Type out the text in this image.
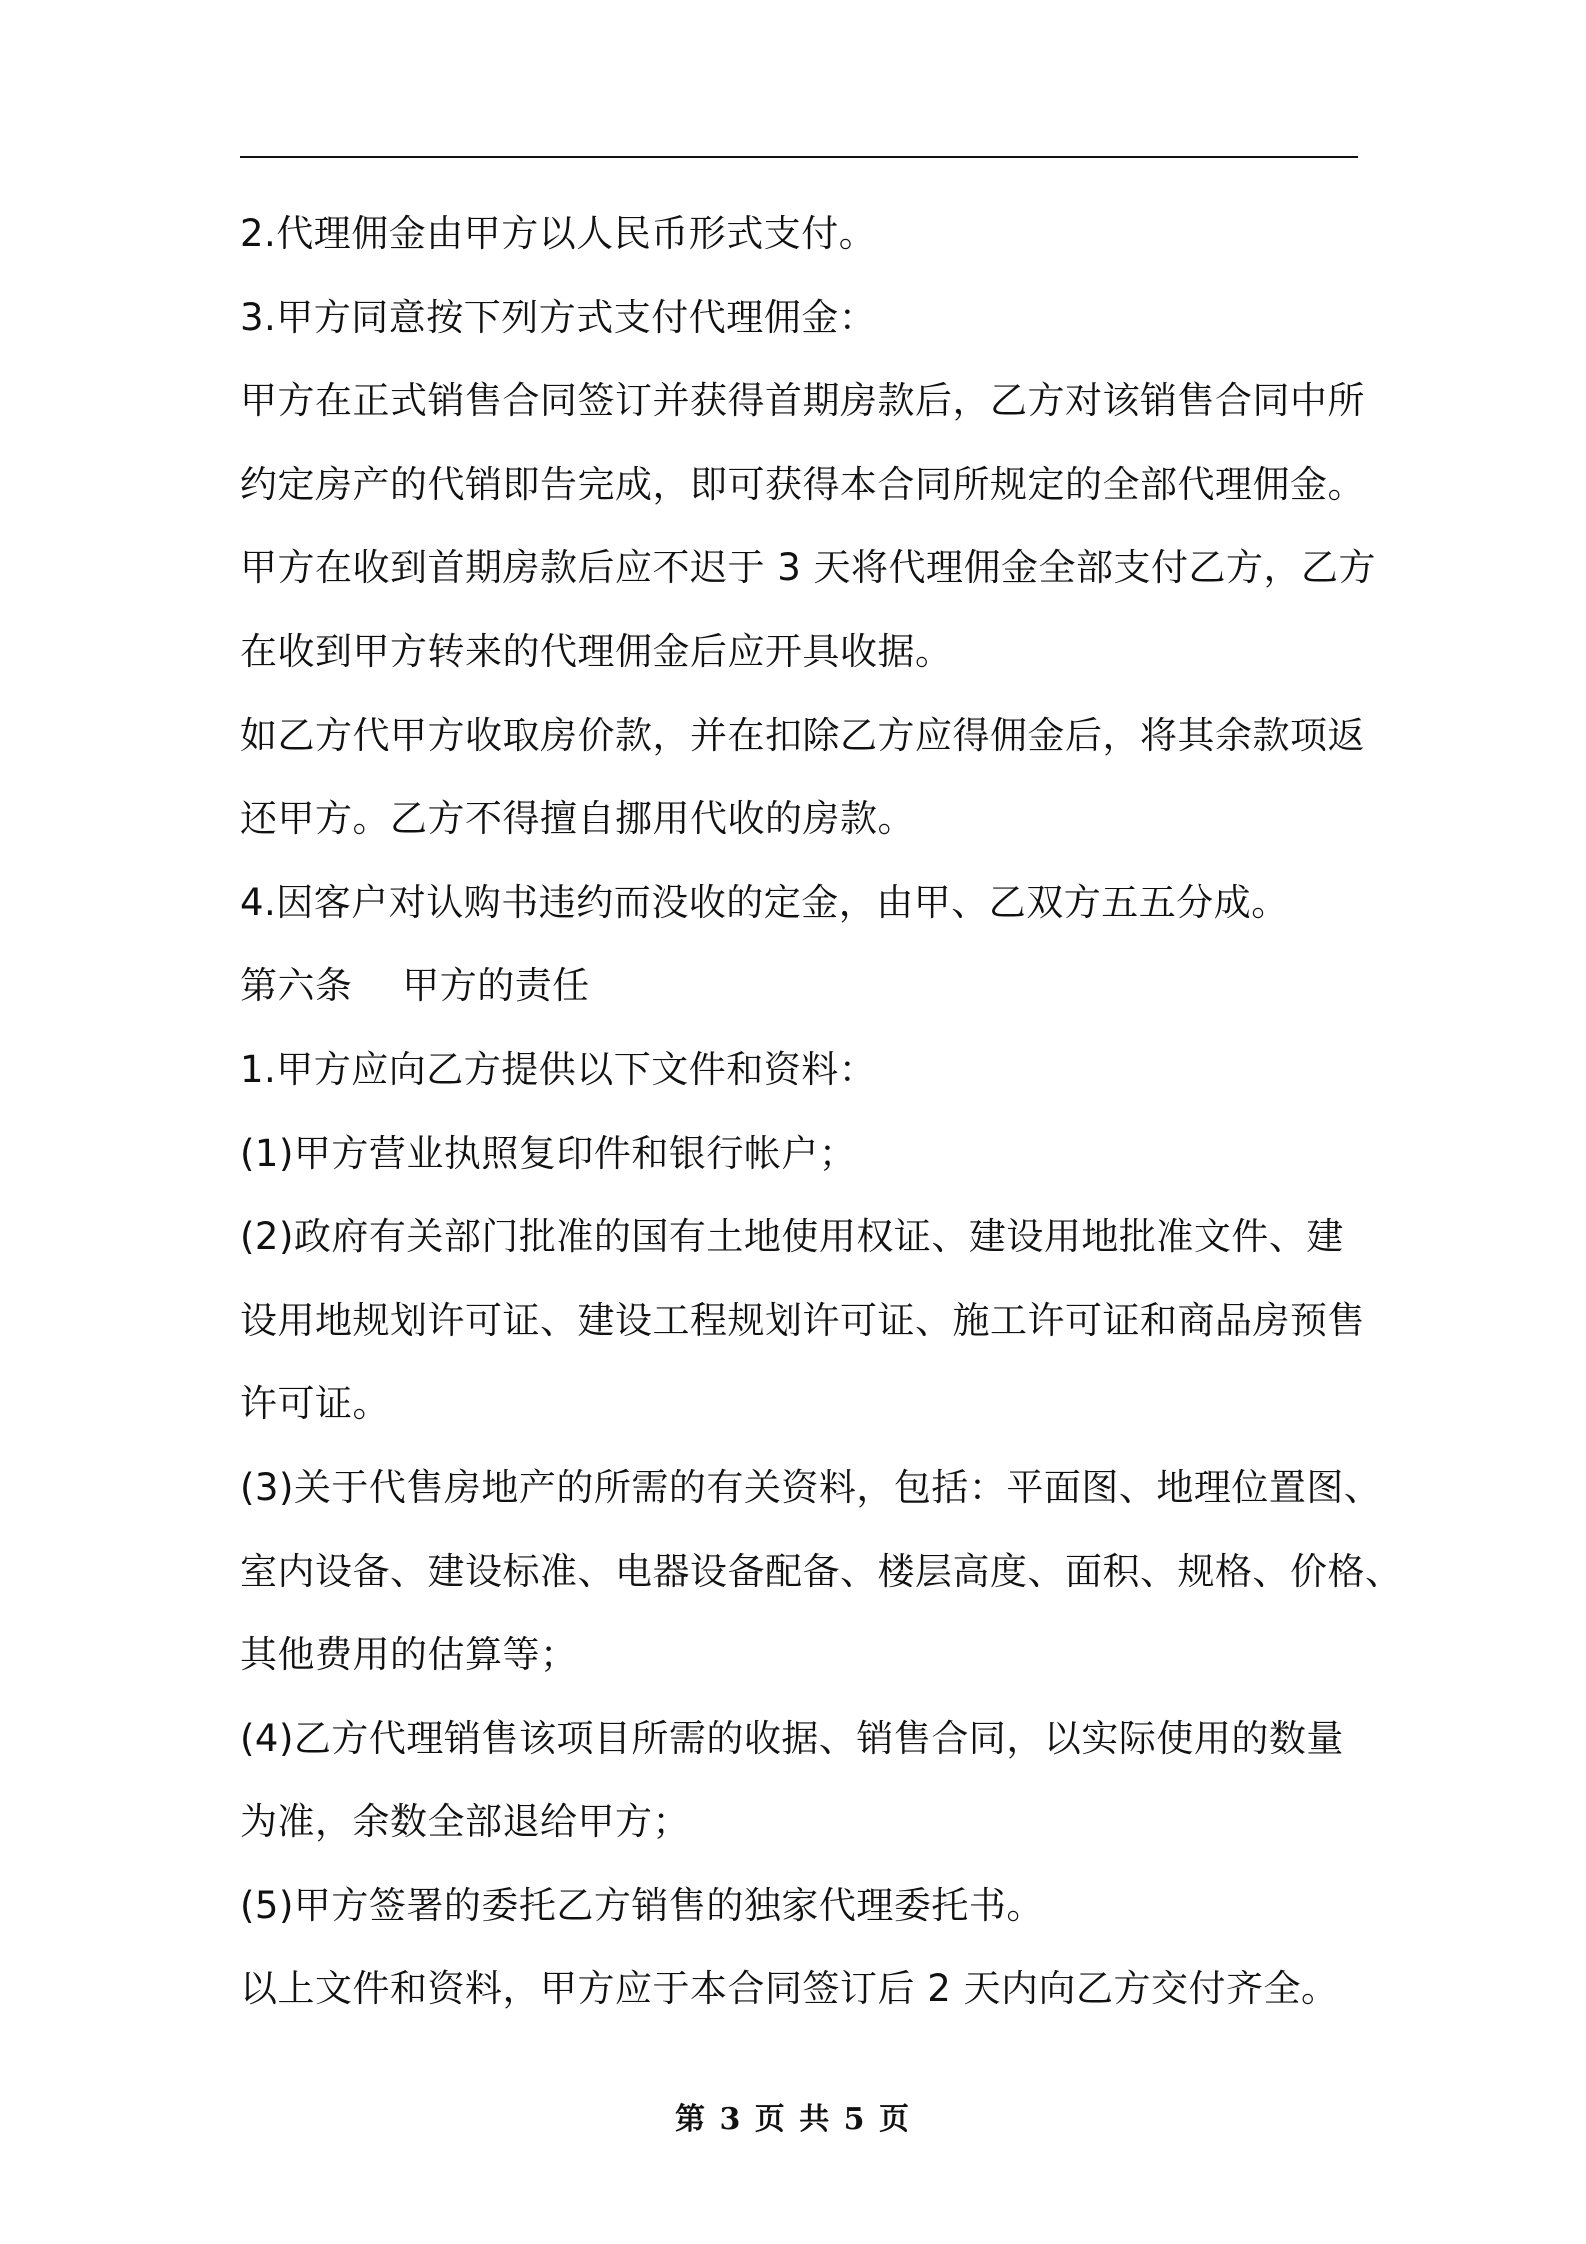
2.代理佣金由甲方以人民币形式支付。
3.甲方同意按下列方式支付代理佣金：
甲方在正式销售合同签订并获得首期房款后，乙方对该销售合同中所
约定房产的代销即告完成，即可获得本合同所规定的全部代理佣金。
甲方在收到首期房款后应不迟于 3 天将代理佣金全部支付乙方，乙方
在收到甲方转来的代理佣金后应开具收据。
如乙方代甲方收取房价款，并在扣除乙方应得佣金后，将其余款项返
还甲方。乙方不得擅自挪用代收的房款。
4.因客户对认购书违约而没收的定金，由甲、乙双方五五分成。
第六条　 甲方的责任
1.甲方应向乙方提供以下文件和资料：
(1)甲方营业执照复印件和银行帐户；
(2)政府有关部门批准的国有土地使用权证、建设用地批准文件、建
设用地规划许可证、建设工程规划许可证、施工许可证和商品房预售
许可证。
(3)关于代售房地产的所需的有关资料，包括：平面图、地理位置图、
室内设备、建设标准、电器设备配备、楼层高度、面积、规格、价格、
其他费用的估算等；
(4)乙方代理销售该项目所需的收据、销售合同，以实际使用的数量
为准，余数全部退给甲方；
(5)甲方签署的委托乙方销售的独家代理委托书。
以上文件和资料，甲方应于本合同签订后 2 天内向乙方交付齐全。
第 3 页 共 5 页
